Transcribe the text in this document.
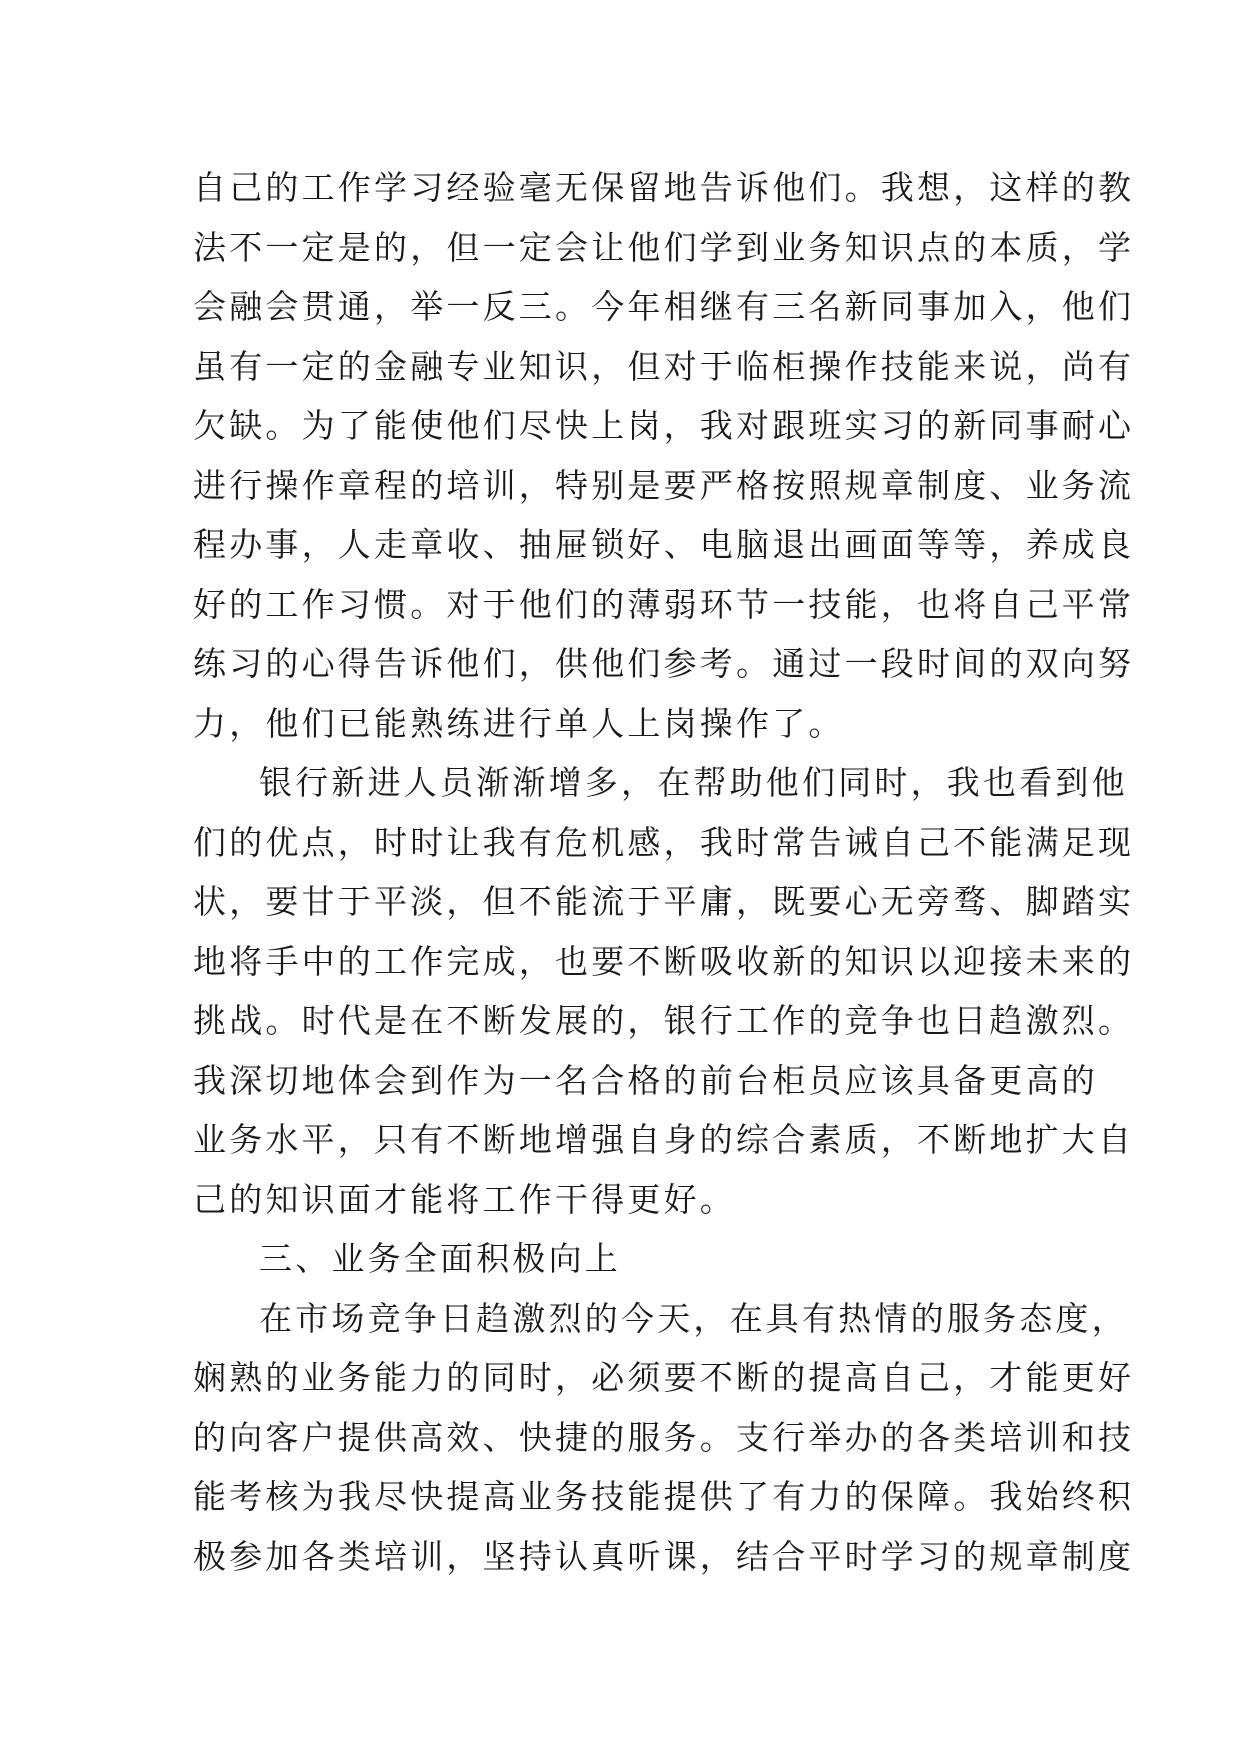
自己的工作学习经验毫无保留地告诉他们。我想，这样的教
法不一定是的，但一定会让他们学到业务知识点的本质，学
会融会贯通，举一反三。今年相继有三名新同事加入，他们
虽有一定的金融专业知识，但对于临柜操作技能来说，尚有
欠缺。为了能使他们尽快上岗，我对跟班实习的新同事耐心
进行操作章程的培训，特别是要严格按照规章制度、业务流
程办事，人走章收、抽屉锁好、电脑退出画面等等，养成良
好的工作习惯。对于他们的薄弱环节一技能，也将自己平常
练习的心得告诉他们，供他们参考。通过一段时间的双向努
力，他们已能熟练进行单人上岗操作了。
银行新进人员渐渐增多，在帮助他们同时，我也看到他
们的优点，时时让我有危机感，我时常告诫自己不能满足现
状，要甘于平淡，但不能流于平庸，既要心无旁骛、脚踏实
地将手中的工作完成，也要不断吸收新的知识以迎接未来的
挑战。时代是在不断发展的，银行工作的竞争也日趋激烈。
我深切地体会到作为一名合格的前台柜员应该具备更高的
业务水平，只有不断地增强自身的综合素质，不断地扩大自
己的知识面才能将工作干得更好。
三、业务全面积极向上
在市场竞争日趋激烈的今天，在具有热情的服务态度，
娴熟的业务能力的同时，必须要不断的提高自己，才能更好
的向客户提供高效、快捷的服务。支行举办的各类培训和技
能考核为我尽快提高业务技能提供了有力的保障。我始终积
极参加各类培训，坚持认真听课，结合平时学习的规章制度
